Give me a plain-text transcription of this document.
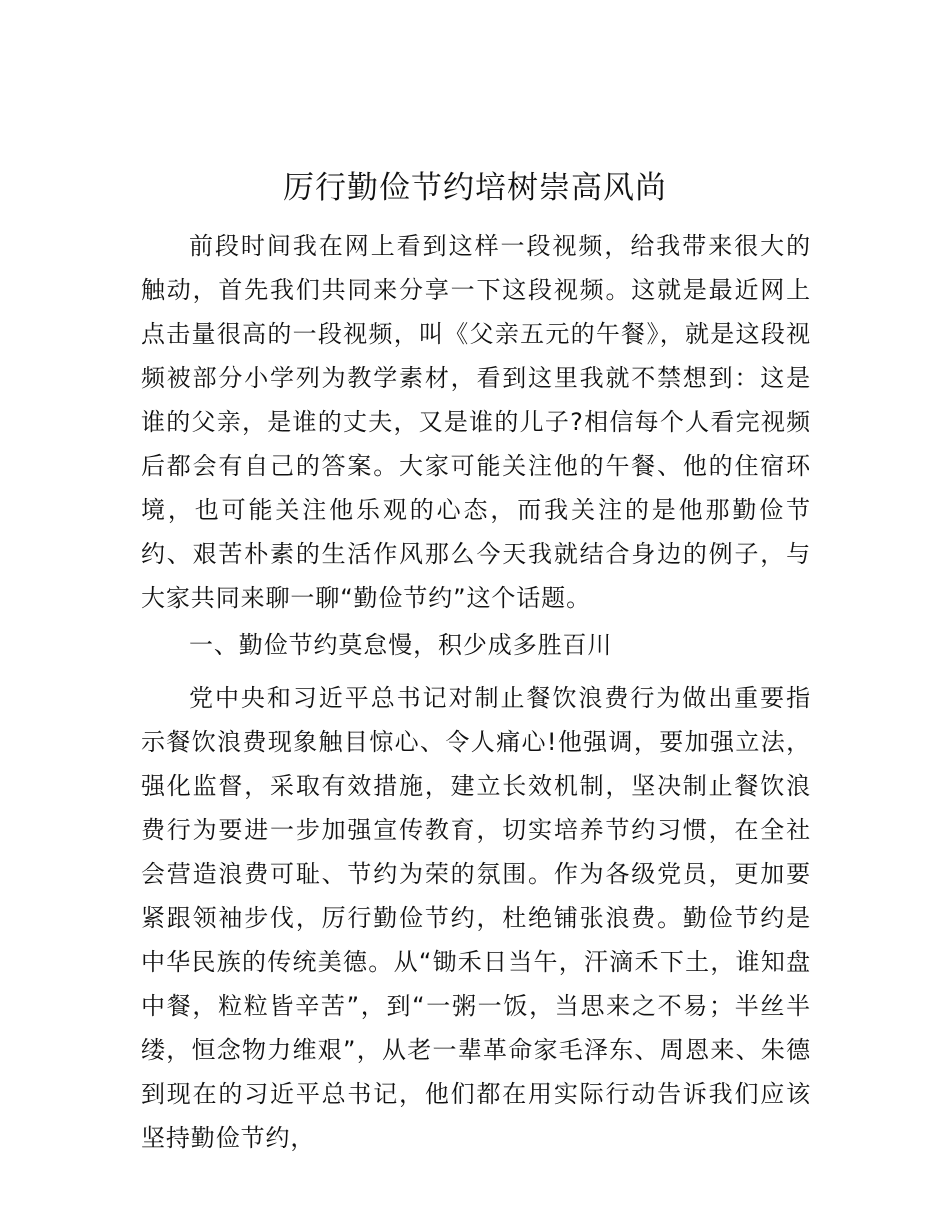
厉行勤俭节约培树崇高风尚

前段时间我在网上看到这样一段视频，给我带来很大的触动，首先我们共同来分享一下这段视频。这就是最近网上点击量很高的一段视频，叫《父亲五元的午餐》，就是这段视频被部分小学列为教学素材，看到这里我就不禁想到：这是谁的父亲，是谁的丈夫，又是谁的儿子?相信每个人看完视频后都会有自己的答案。大家可能关注他的午餐、他的住宿环境，也可能关注他乐观的心态，而我关注的是他那勤俭节约、艰苦朴素的生活作风那么今天我就结合身边的例子，与大家共同来聊一聊“勤俭节约”这个话题。

一、勤俭节约莫怠慢，积少成多胜百川

党中央和习近平总书记对制止餐饮浪费行为做出重要指示餐饮浪费现象触目惊心、令人痛心!他强调，要加强立法，强化监督，采取有效措施，建立长效机制，坚决制止餐饮浪费行为要进一步加强宣传教育，切实培养节约习惯，在全社会营造浪费可耻、节约为荣的氛围。作为各级党员，更加要紧跟领袖步伐，厉行勤俭节约，杜绝铺张浪费。勤俭节约是中华民族的传统美德。从“锄禾日当午，汗滴禾下土，谁知盘中餐，粒粒皆辛苦”，到“一粥一饭，当思来之不易；半丝半缕，恒念物力维艰”，从老一辈革命家毛泽东、周恩来、朱德到现在的习近平总书记，他们都在用实际行动告诉我们应该坚持勤俭节约，
